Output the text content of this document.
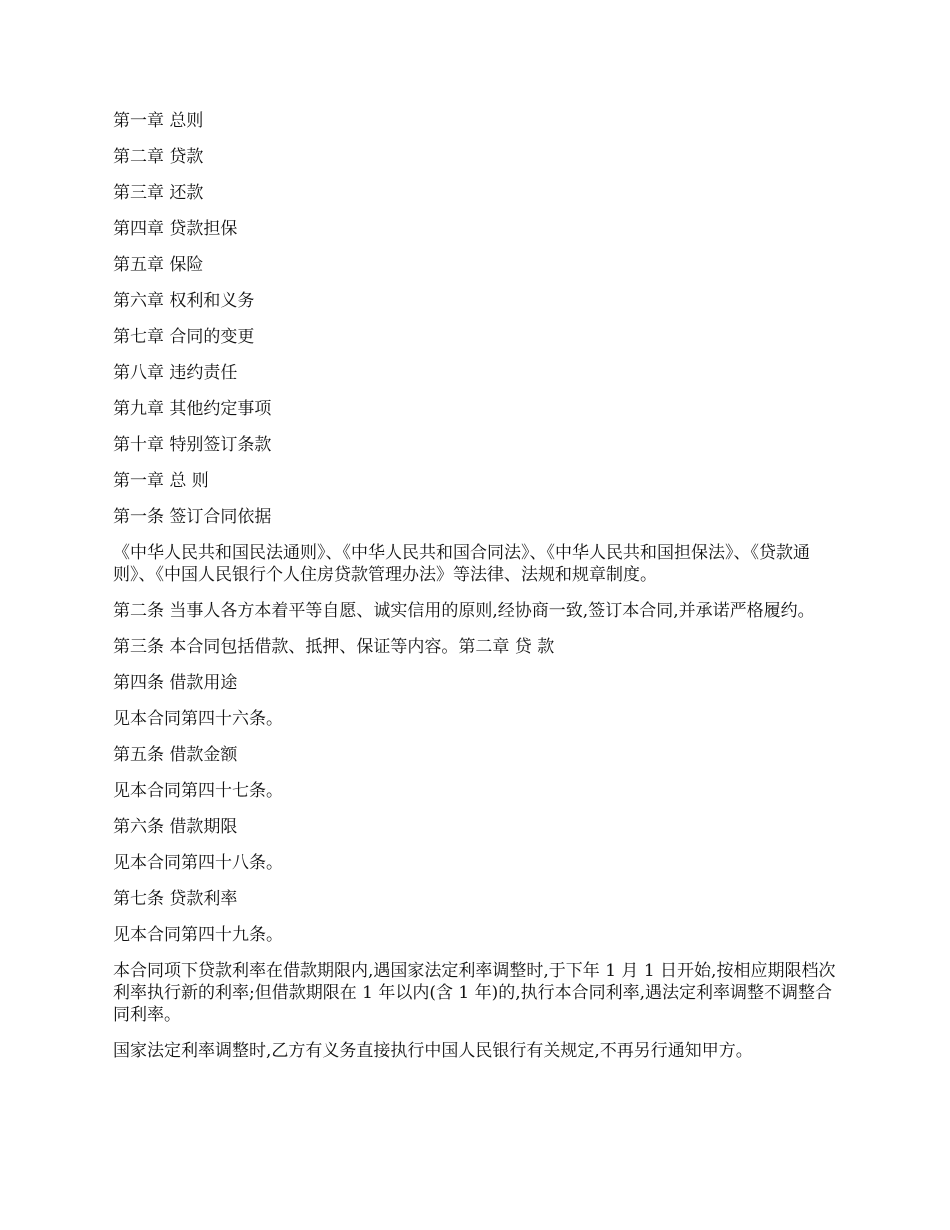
第一章 总则

第二章 贷款

第三章 还款

第四章 贷款担保

第五章 保险

第六章 权利和义务

第七章 合同的变更

第八章 违约责任

第九章 其他约定事项

第十章 特别签订条款

第一章 总 则

第一条 签订合同依据

《中华人民共和国民法通则》、《中华人民共和国合同法》、《中华人民共和国担保法》、《贷款通则》、《中国人民银行个人住房贷款管理办法》等法律、法规和规章制度。

第二条 当事人各方本着平等自愿、诚实信用的原则,经协商一致,签订本合同,并承诺严格履约。

第三条 本合同包括借款、抵押、保证等内容。第二章 贷 款

第四条 借款用途

见本合同第四十六条。

第五条 借款金额

见本合同第四十七条。

第六条 借款期限

见本合同第四十八条。

第七条 贷款利率

见本合同第四十九条。

本合同项下贷款利率在借款期限内,遇国家法定利率调整时,于下年 1 月 1 日开始,按相应期限档次利率执行新的利率;但借款期限在 1 年以内(含 1 年)的,执行本合同利率,遇法定利率调整不调整合同利率。

国家法定利率调整时,乙方有义务直接执行中国人民银行有关规定,不再另行通知甲方。
